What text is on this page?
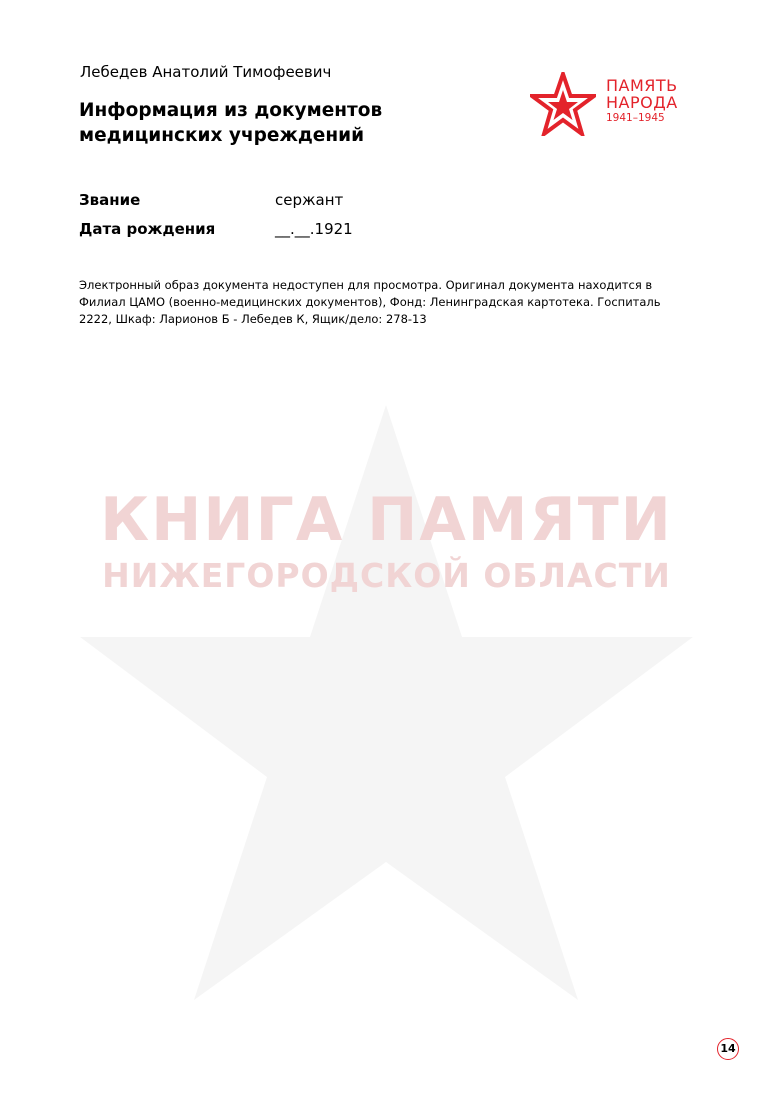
КНИГА ПАМЯТИ
НИЖЕГОРОДСКОЙ ОБЛАСТИ
Лебедев Анатолий Тимофеевич
Информация из документов медицинских учреждений
ПАМЯТЬ
НАРОДА
1941–1945
Звание	сержант
Дата рождения	__.__.1921
Электронный образ документа недоступен для просмотра. Оригинал документа находится в Филиал ЦАМО (военно-медицинских документов), Фонд: Ленинградская картотека. Госпиталь 2222, Шкаф: Ларионов Б - Лебедев К, Ящик/дело: 278-13
14
